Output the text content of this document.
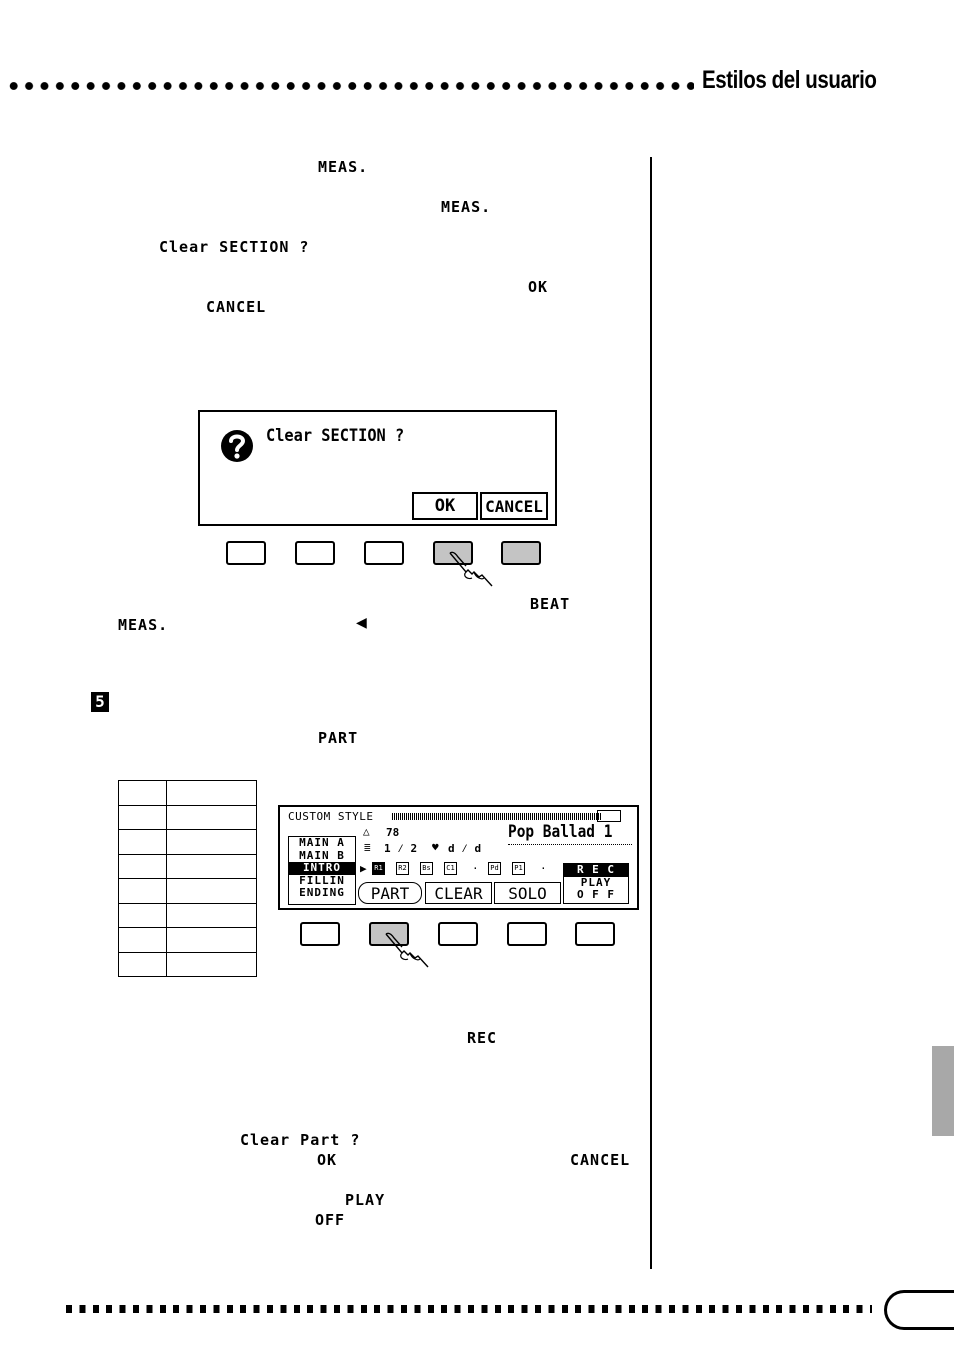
Estilos del usuario
MEAS.
MEAS.
Clear SECTION ?
OK
CANCEL
Clear SECTION ?
OK	CANCEL
BEAT
MEAS.	◀
5
PART

CUSTOM STYLE
△ 78
≣ 1 ⁄ 2 ♥ d ⁄ d
Pop Ballad 1
MAIN A
MAIN B
INTRO
FILLIN
ENDING
▶	R1	R2	Bs	C1 ·	Pd	P1 ·
PART	CLEAR	SOLO
R E C
PLAY
O F F
REC
Clear Part ?
OK	CANCEL
PLAY
OFF
